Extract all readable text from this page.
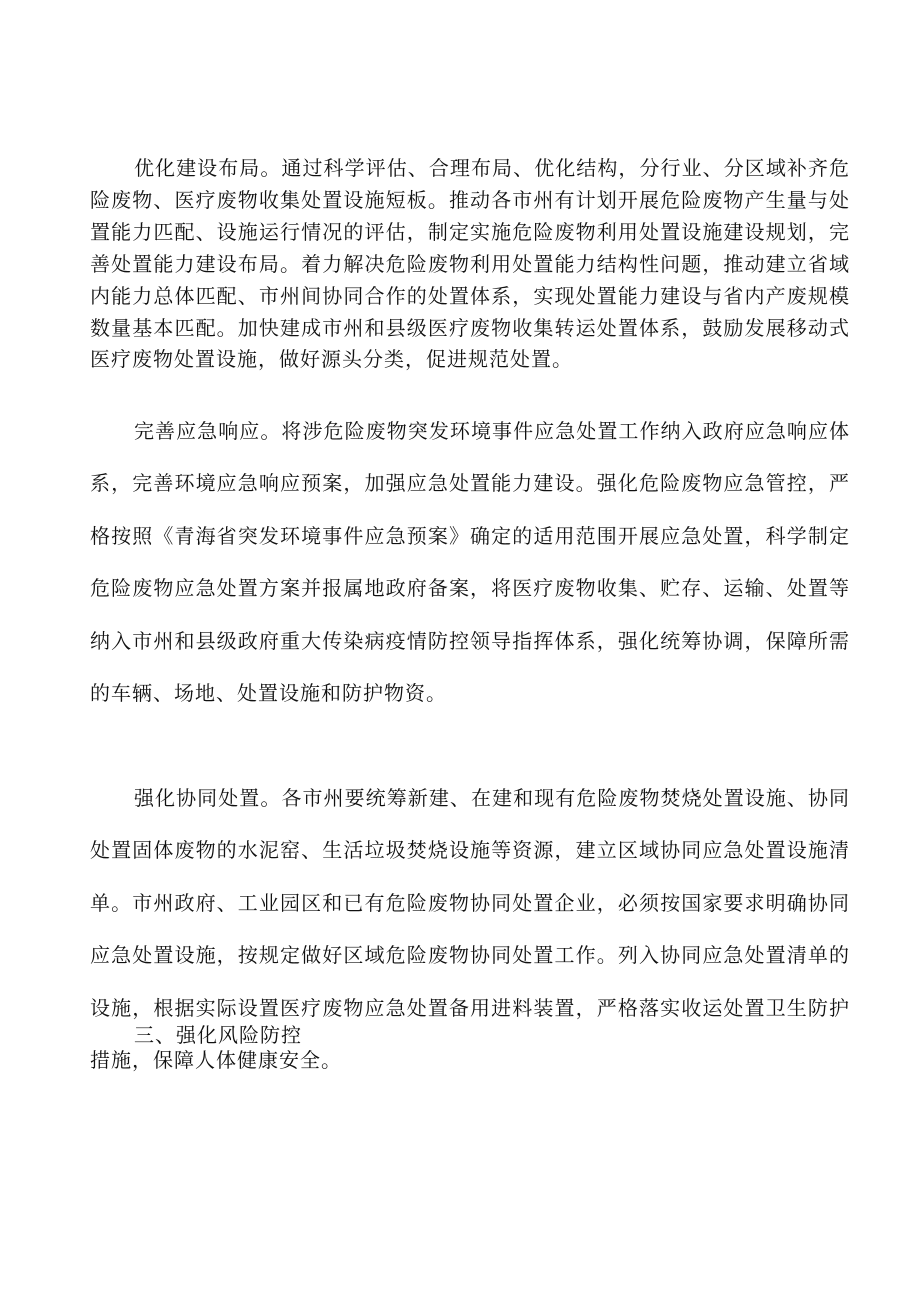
优化建设布局。通过科学评估、合理布局、优化结构，分行业、分区域补齐危险废物、医疗废物收集处置设施短板。推动各市州有计划开展危险废物产生量与处置能力匹配、设施运行情况的评估，制定实施危险废物利用处置设施建设规划，完善处置能力建设布局。着力解决危险废物利用处置能力结构性问题，推动建立省域内能力总体匹配、市州间协同合作的处置体系，实现处置能力建设与省内产废规模数量基本匹配。加快建成市州和县级医疗废物收集转运处置体系，鼓励发展移动式医疗废物处置设施，做好源头分类，促进规范处置。

完善应急响应。将涉危险废物突发环境事件应急处置工作纳入政府应急响应体系，完善环境应急响应预案，加强应急处置能力建设。强化危险废物应急管控，严格按照《青海省突发环境事件应急预案》确定的适用范围开展应急处置，科学制定危险废物应急处置方案并报属地政府备案，将医疗废物收集、贮存、运输、处置等纳入市州和县级政府重大传染病疫情防控领导指挥体系，强化统筹协调，保障所需的车辆、场地、处置设施和防护物资。

强化协同处置。各市州要统筹新建、在建和现有危险废物焚烧处置设施、协同处置固体废物的水泥窑、生活垃圾焚烧设施等资源，建立区域协同应急处置设施清单。市州政府、工业园区和已有危险废物协同处置企业，必须按国家要求明确协同应急处置设施，按规定做好区域危险废物协同处置工作。列入协同应急处置清单的设施，根据实际设置医疗废物应急处置备用进料装置，严格落实收运处置卫生防护措施，保障人体健康安全。

三、强化风险防控
